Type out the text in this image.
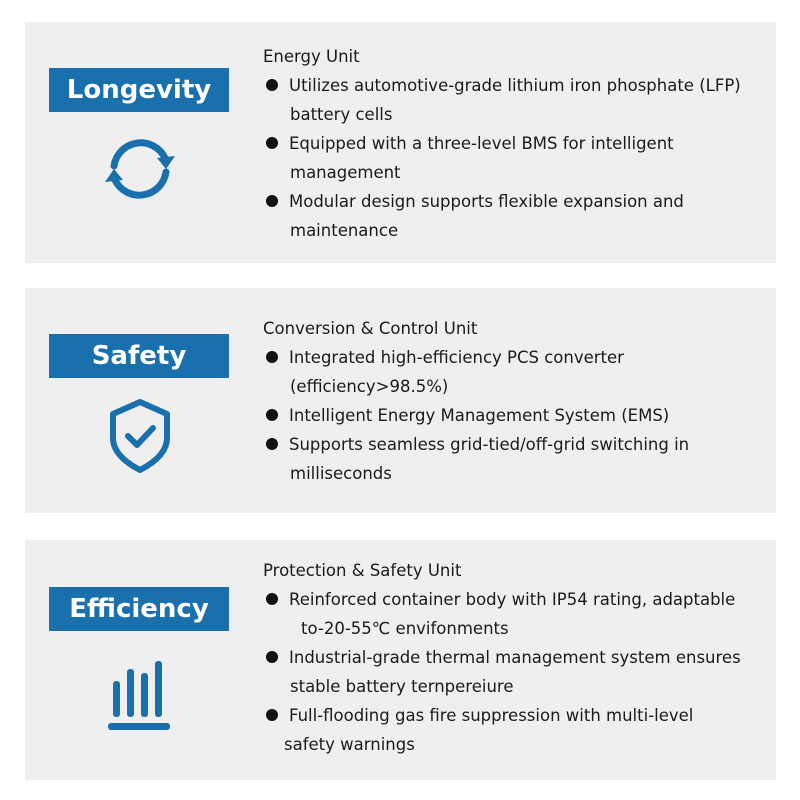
Longevity
Energy Unit
Utilizes automotive-grade lithium iron phosphate (LFP)
battery cells
Equipped with a three-level BMS for intelligent
management
Modular design supports flexible expansion and
maintenance
Safety
Conversion & Control Unit
Integrated high-efficiency PCS converter
(efficiency>98.5%)
Intelligent Energy Management System (EMS)
Supports seamless grid-tied/off-grid switching in
milliseconds
Efficiency
Protection & Safety Unit
Reinforced container body with IP54 rating, adaptable
to-20-55℃ envifonments
Industrial-grade thermal management system ensures
stable battery ternpereiure
Full-flooding gas fire suppression with multi-level
safety warnings
